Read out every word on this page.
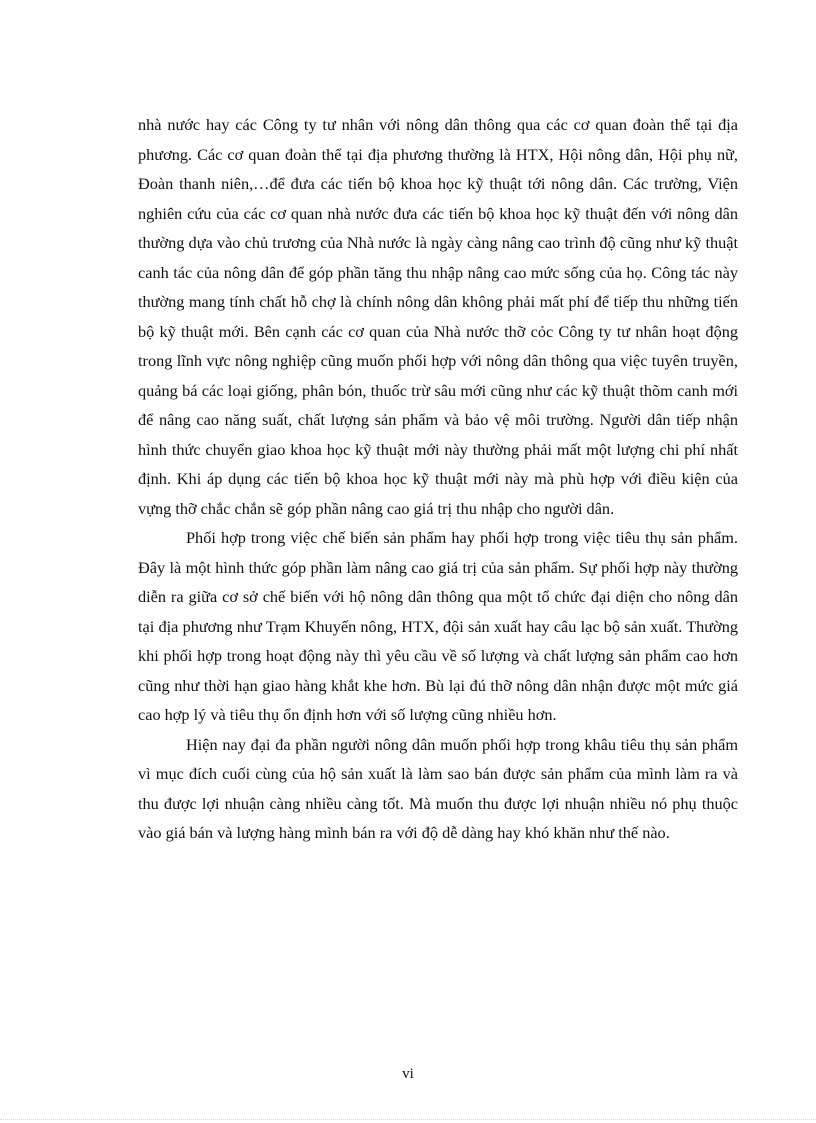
nhà nước hay các Công ty tư nhân với nông dân thông qua các cơ quan đoàn thể tại địa phương. Các cơ quan đoàn thể tại địa phương thường là HTX, Hội nông dân, Hội phụ nữ, Đoàn thanh niên,…để đưa các tiến bộ khoa học kỹ thuật tới nông dân. Các trường, Viện nghiên cứu của các cơ quan nhà nước đưa các tiến bộ khoa học kỹ thuật đến với nông dân thường dựa vào chủ trương của Nhà nước là ngày càng nâng cao trình độ cũng như kỹ thuật canh tác của nông dân để góp phần tăng thu nhập nâng cao mức sống của họ. Công tác này thường mang tính chất hỗ chợ là chính nông dân không phải mất phí để tiếp thu những tiến bộ kỹ thuật mới. Bên cạnh các cơ quan của Nhà nước thỡ cỏc Công ty tư nhân hoạt động trong lĩnh vực nông nghiệp cũng muốn phối hợp với nông dân thông qua việc tuyên truyền, quảng bá các loại giống, phân bón, thuốc trừ sâu mới cũng như các kỹ thuật thõm canh mới để nâng cao năng suất, chất lượng sản phẩm và bảo vệ môi trường. Người dân tiếp nhận hình thức chuyển giao khoa học kỹ thuật mới này thường phải mất một lượng chi phí nhất định. Khi áp dụng các tiến bộ khoa học kỹ thuật mới này mà phù hợp với điều kiện của vựng thỡ chắc chắn sẽ góp phần nâng cao giá trị thu nhập cho người dân.

Phối hợp trong việc chế biến sản phẩm hay phối hợp trong việc tiêu thụ sản phẩm. Đây là một hình thức góp phần làm nâng cao giá trị của sản phẩm. Sự phối hợp này thường diễn ra giữa cơ sở chế biến với hộ nông dân thông qua một tổ chức đại diện cho nông dân tại địa phương như Trạm Khuyến nông, HTX, đội sản xuất hay câu lạc bộ sản xuất. Thường khi phối hợp trong hoạt động này thì yêu cầu về số lượng và chất lượng sản phẩm cao hơn cũng như thời hạn giao hàng khắt khe hơn. Bù lại đú thỡ nông dân nhận được một mức giá cao hợp lý và tiêu thụ ổn định hơn với số lượng cũng nhiều hơn.

Hiện nay đại đa phần người nông dân muốn phối hợp trong khâu tiêu thụ sản phẩm vì mục đích cuối cùng của hộ sản xuất là làm sao bán được sản phẩm của mình làm ra và thu được lợi nhuận càng nhiều càng tốt. Mà muốn thu được lợi nhuận nhiều nó phụ thuộc vào giá bán và lượng hàng mình bán ra với độ dễ dàng hay khó khăn như thế nào.

vi
